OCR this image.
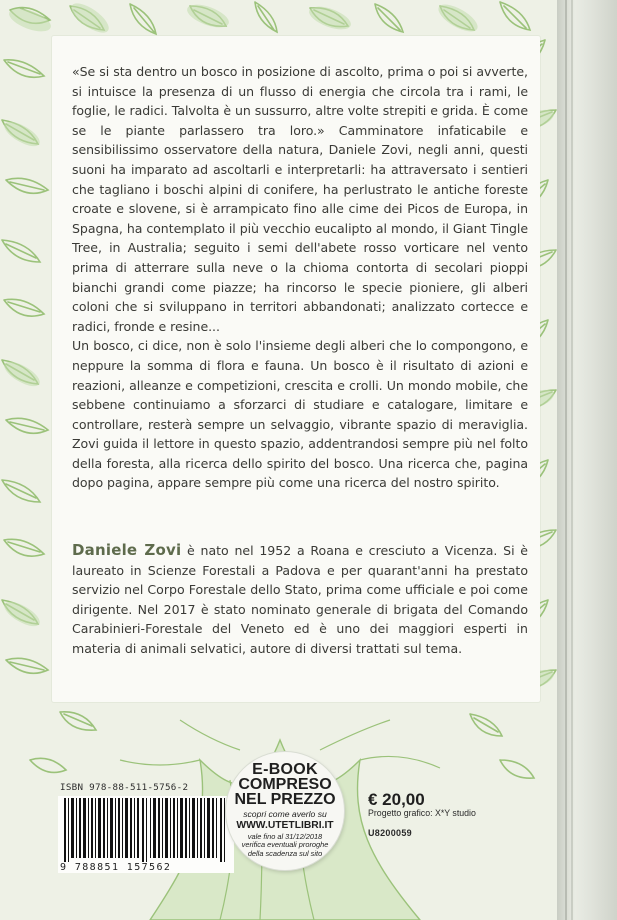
«Se si sta dentro un bosco in posizione di ascolto, prima o poi si avverte, si intuisce la presenza di un flusso di energia che circola tra i rami, le foglie, le radici. Talvolta è un sussurro, altre volte strepiti e grida. È come se le piante parlassero tra loro.» Camminatore infaticabile e sensibilissimo osservatore della natura, Daniele Zovi, negli anni, questi suoni ha imparato ad ascoltarli e interpretarli: ha attraversato i sentieri che tagliano i boschi alpini di conifere, ha perlustrato le antiche foreste croate e slovene, si è arrampicato fino alle cime dei Picos de Europa, in Spagna, ha contemplato il più vecchio eucalipto al mondo, il Giant Tingle Tree, in Australia; seguito i semi dell'abete rosso vorticare nel vento prima di atterrare sulla neve o la chioma contorta di secolari pioppi bianchi grandi come piazze; ha rincorso le specie pioniere, gli alberi coloni che si sviluppano in territori abbandonati; analizzato cortecce e radici, fronde e resine...

Un bosco, ci dice, non è solo l'insieme degli alberi che lo compongono, e neppure la somma di flora e fauna. Un bosco è il risultato di azioni e reazioni, alleanze e competizioni, crescita e crolli. Un mondo mobile, che sebbene continuiamo a sforzarci di studiare e catalogare, limitare e controllare, resterà sempre un selvaggio, vibrante spazio di meraviglia. Zovi guida il lettore in questo spazio, addentrandosi sempre più nel folto della foresta, alla ricerca dello spirito del bosco. Una ricerca che, pagina dopo pagina, appare sempre più come una ricerca del nostro spirito.

Daniele Zovi è nato nel 1952 a Roana e cresciuto a Vicenza. Si è laureato in Scienze Forestali a Padova e per quarant'anni ha prestato servizio nel Corpo Forestale dello Stato, prima come ufficiale e poi come dirigente. Nel 2017 è stato nominato generale di brigata del Comando Carabinieri-Forestale del Veneto ed è uno dei maggiori esperti in materia di animali selvatici, autore di diversi trattati sul tema.
ISBN 978-88-511-5756-2
9 788851 157562
E-BOOK
COMPRESO
NEL PREZZO
scopri come averlo su
WWW.UTETLIBRI.IT
vale fino al 31/12/2018 verifica eventuali proroghe della scadenza sul sito
€ 20,00
Progetto grafico: X*Y studio
U8200059
